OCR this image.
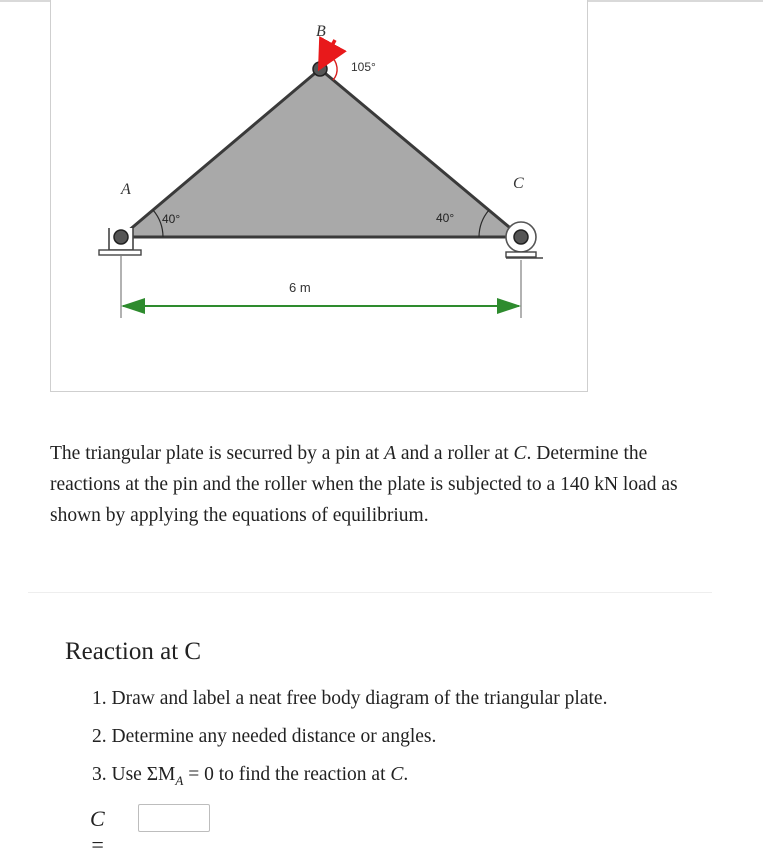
B
A	C
105°
40°	40°
6 m
The triangular plate is securred by a pin at A and a roller at C. Determine the reactions at the pin and the roller when the plate is subjected to a 140 kN load as shown by applying the equations of equilibrium.
Reaction at C
1. Draw and label a neat free body diagram of the triangular plate.
2. Determine any needed distance or angles.
3. Use $\Sigma M_A = 0$ to find the reaction at C.
C =
